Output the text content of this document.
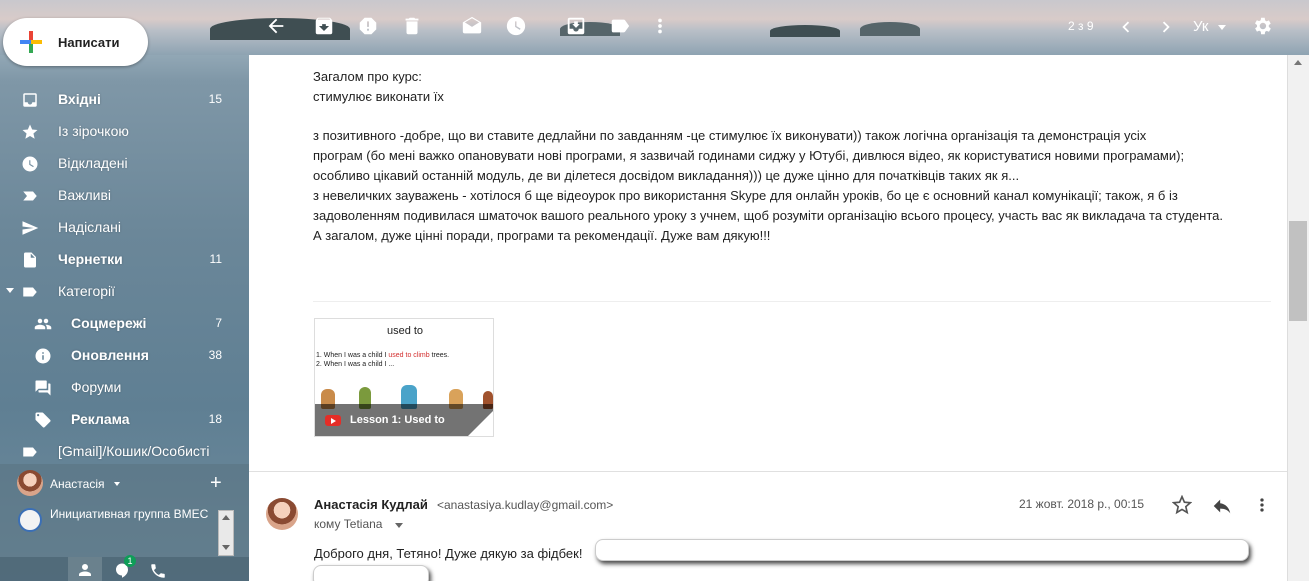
Написати
Вхідні	15
Із зірочкою
Відкладені
Важливі
Надіслані
Чернетки	11
Категорії
Соцмережі	7
Оновлення	38
Форуми
Реклама	18
[Gmail]/Кошик/Особисті
Анастасія	+
Инициативная группа ВМЕС
1
2 з 9	Ук

Загалом про курс:

стимулює виконати їх

з позитивного -добре, що ви ставите дедлайни по завданням -це стимулює їх виконувати)) також логічна організація та демонстрація усіх

програм (бо мені важко опановувати нові програми, я зазвичай годинами сиджу у Ютубі, дивлюся відео, як користуватися новими програмами);

особливо цікавий останній модуль, де ви ділетеся досвідом викладання))) це дуже цінно для початківців таких як я...

з невеличких зауважень - хотілося б ще відеоурок про використання Skype для онлайн уроків, бо це є основний канал комунікації; також, я б із

задоволенням подивилася шматочок вашого реального уроку з учнем, щоб розуміти організацію всього процесу, участь вас як викладача та студента.

А загалом, дуже цінні поради, програми та рекомендації. Дуже вам дякую!!!

used to
1. When I was a child I used to climb trees.
2. When I was a child I ...
Lesson 1: Used to
Анастасія Кудлай <anastasiya.kudlay@gmail.com>
кому Tetiana
21 жовт. 2018 р., 00:15
Доброго дня, Тетяно! Дуже дякую за фідбек!
